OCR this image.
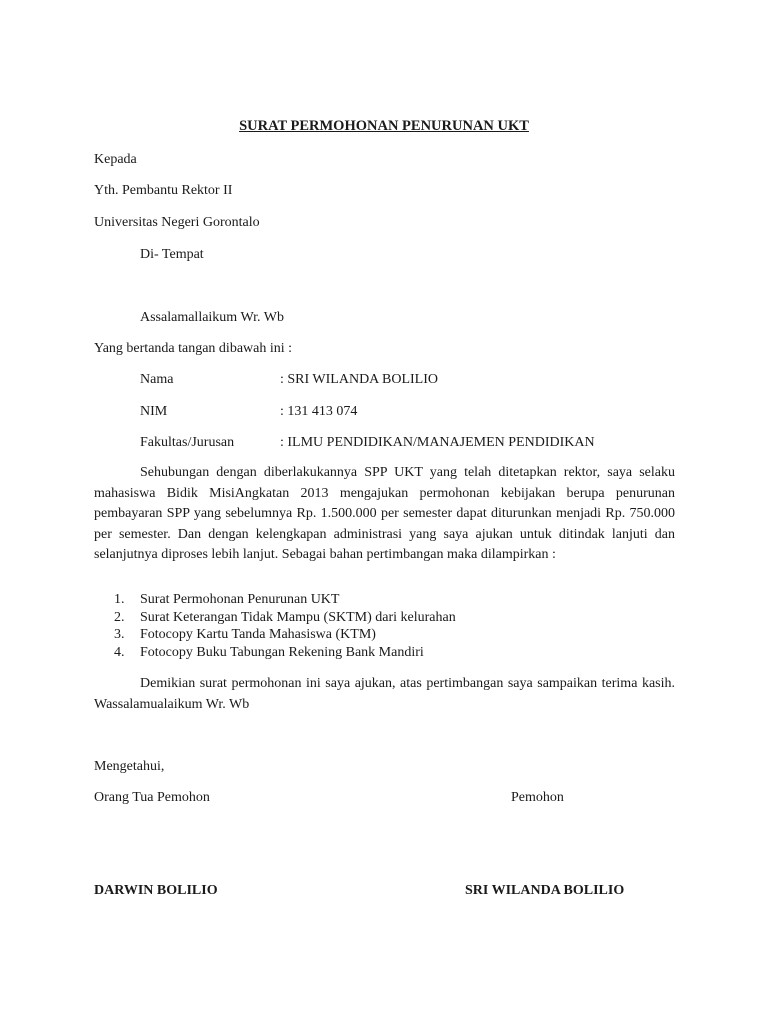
SURAT PERMOHONAN PENURUNAN UKT
Kepada
Yth. Pembantu Rektor II
Universitas Negeri Gorontalo
Di- Tempat
Assalamallaikum Wr. Wb
Yang bertanda tangan dibawah ini :
Nama	: SRI WILANDA BOLILIO
NIM	: 131 413 074
Fakultas/Jurusan	: ILMU PENDIDIKAN/MANAJEMEN PENDIDIKAN
Sehubungan dengan diberlakukannya SPP UKT yang telah ditetapkan rektor, saya selaku mahasiswa Bidik MisiAngkatan 2013 mengajukan permohonan kebijakan berupa penurunan pembayaran SPP yang sebelumnya Rp. 1.500.000 per semester dapat diturunkan menjadi Rp. 750.000 per semester. Dan dengan kelengkapan administrasi yang saya ajukan untuk ditindak lanjuti dan selanjutnya diproses lebih lanjut. Sebagai bahan pertimbangan maka dilampirkan :
1. Surat Permohonan Penurunan UKT
2. Surat Keterangan Tidak Mampu (SKTM) dari kelurahan
3. Fotocopy Kartu Tanda Mahasiswa (KTM)
4. Fotocopy Buku Tabungan Rekening Bank Mandiri
Demikian surat permohonan ini saya ajukan, atas pertimbangan saya sampaikan terima kasih. Wassalamualaikum Wr. Wb
Mengetahui,
Orang Tua Pemohon	Pemohon
DARWIN BOLILIO	SRI WILANDA BOLILIO
